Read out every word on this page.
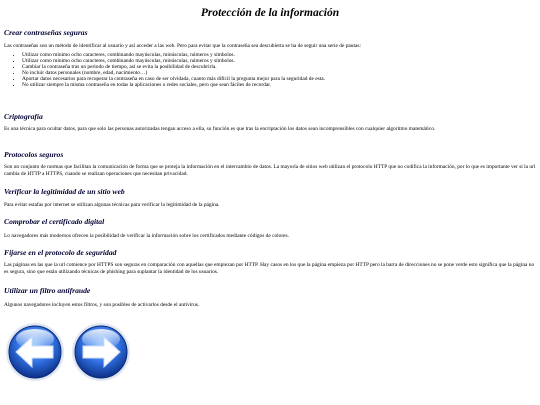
Protección de la información
Crear contraseñas seguras

Las contraseñas son un método de identificar al usuario y así acceder a las web. Pero para evitar que la contraseña sea descubierta se ha de seguir una serie de pautas:

• Utilizar como mínimo ocho caracteres, combinando mayúsculas, minúsculas, números y símbolos.
• Utilizar como mínimo ocho caracteres, combinando mayúsculas, minúsculas, números y símbolos.
• Cambiar la contraseña tras un periodo de tiempo, así se evita la posibilidad de descubrirla.
• No incluir datos personales (nombre, edad, nacimiento…)
• Aportar datos necesarios para recuperar la contraseña en caso de ser olvidada, cuanto más difícil la pregunta mejor para la seguridad de esta.
• No utilizar siempre la misma contraseña en todas la aplicaciones o redes sociales, pero que sean fáciles de recordar.
Criptografía

Es una técnica para ocultar datos, para que solo las personas autorizadas tengan acceso a ella, su función es que tras la encriptación los datos sean incomprensibles con cualquier algoritmo matemático.

Protocolos seguros

Son un conjunto de normas que facilitan la comunicación de forma que se proteja la información en el intercambio de datos. La mayoría de sitios web utilizan el protocolo HTTP que no codifica la información, por lo que es importante ver si la url cambia de HTTP a HTTPS, cuando se realizan operaciones que necesitan privacidad.

Verificar la legitimidad de un sitio web

Para evitar estafas por internet se utilizan algunas técnicas para verificar la legitimidad de la página.

Comprobar el certificado digital

Lo navegadores más modernos ofrecen la posibilidad de verificar la información sobre los certificados mediante códigos de colores.

Fijarse en el protocolo de seguridad

Las páginas en las que la url comience por HTTPS son seguras en comparación con aquellas que empiezan por HTTP. Hay casos en los que la página empieza por HTTP pero la barra de direcciones no se pone verde esto significa que la página no es segura, sino que están utilizando técnicas de phishing para suplantar la identidad de los usuarios.

Utilizar un filtro antifraude

Algunos navegadores incluyen estos filtros, y son posibles de activarlos desde el antivirus.
